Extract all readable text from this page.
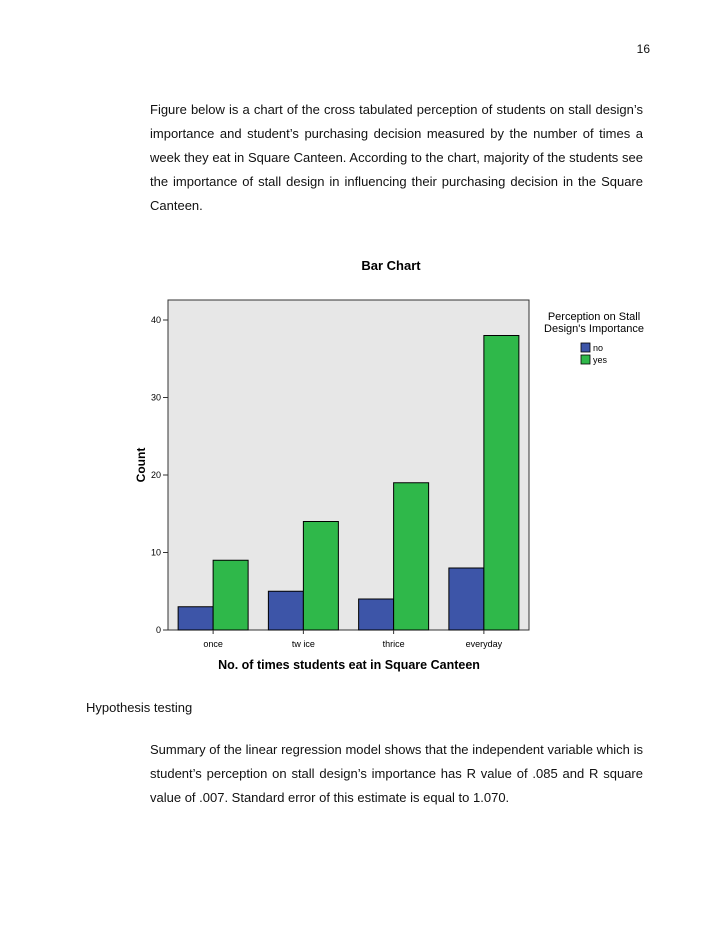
16

Figure below is a chart of the cross tabulated perception of students on stall design’s importance and student’s purchasing decision measured by the number of times a week they eat in Square Canteen. According to the chart, majority of the students see the importance of stall design in influencing their purchasing decision in the Square Canteen.

Bar Chart
0
10
20
30
40
once	tw ice	thrice	everyday
Count
No. of times students eat in Square Canteen
Perception on Stall
Design's Importance
no
yes

Hypothesis testing

Summary of the linear regression model shows that the independent variable which is student’s perception on stall design’s importance has R value of .085 and R square value of .007. Standard error of this estimate is equal to 1.070.
